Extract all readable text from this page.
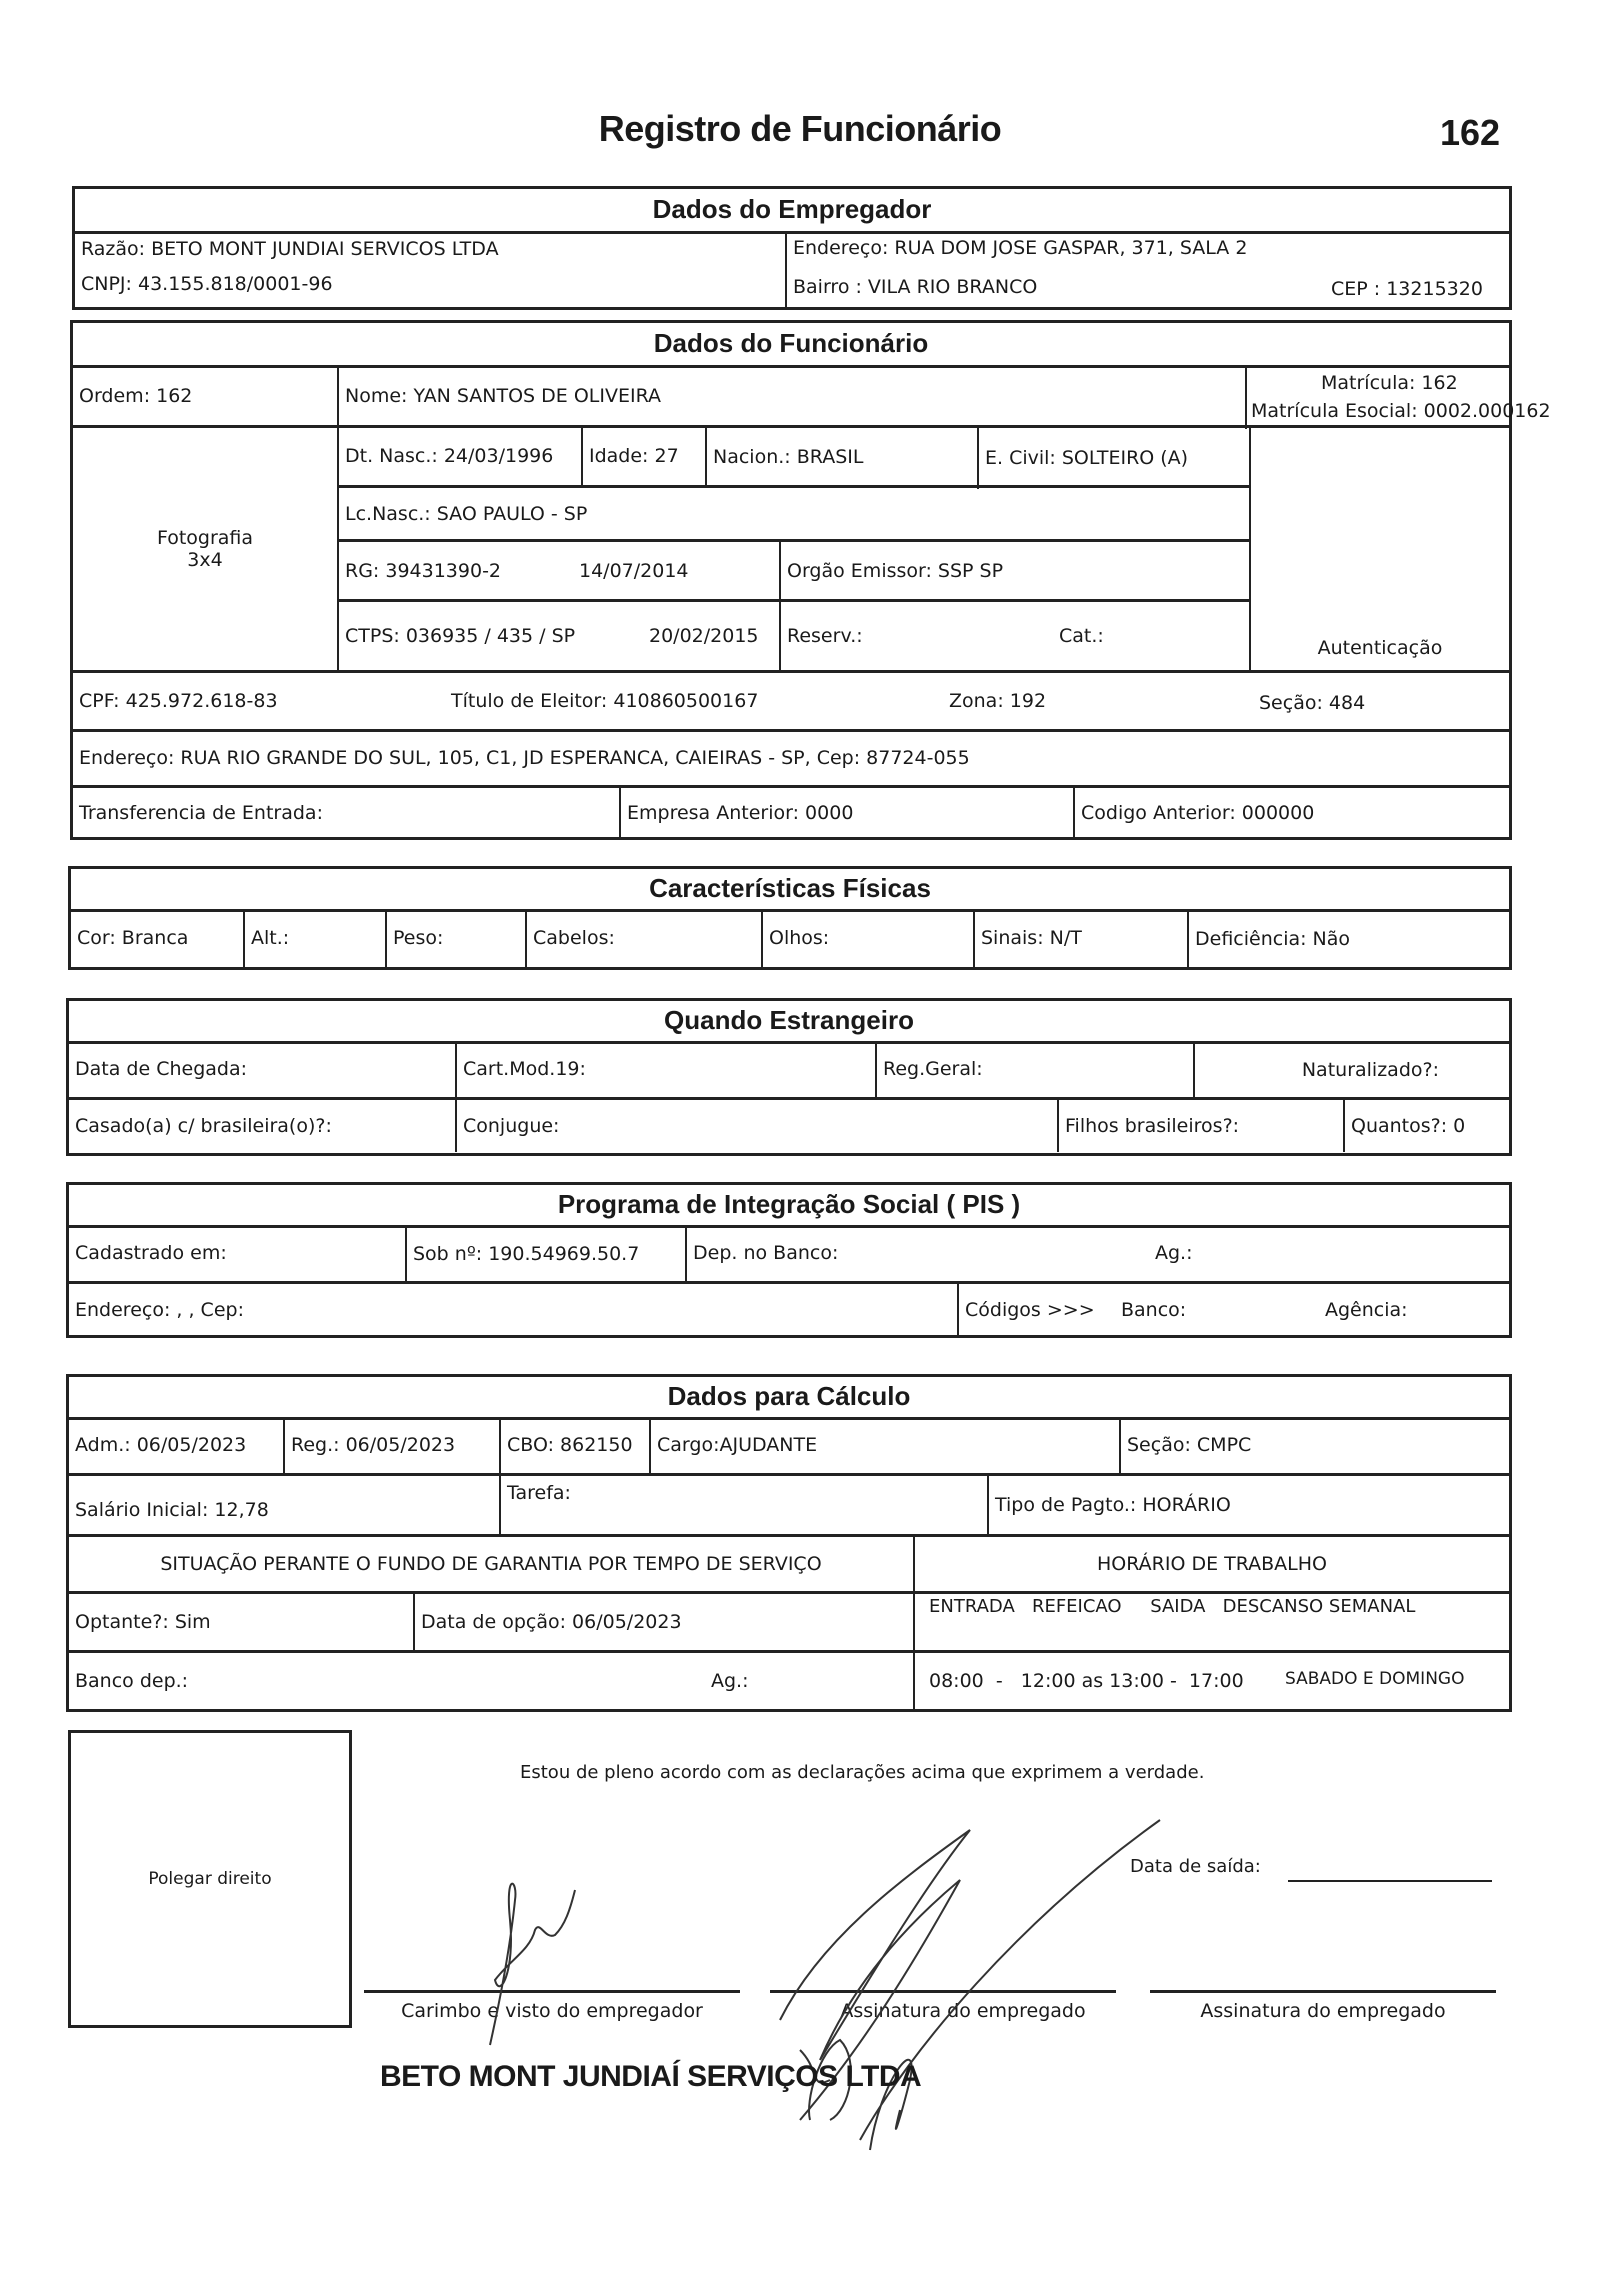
Registro de Funcionário	162
Dados do Empregador
Razão: BETO MONT JUNDIAI SERVICOS LTDA
CNPJ: 43.155.818/0001-96
Endereço: RUA DOM JOSE GASPAR, 371, SALA 2
Bairro : VILA RIO BRANCO	CEP : 13215320
Dados do Funcionário
Ordem: 162	Nome: YAN SANTOS DE OLIVEIRA
Matrícula: 162
Matrícula Esocial: 0002.000162
Fotografia
3x4
Dt. Nasc.: 24/03/1996	Idade: 27	Nacion.: BRASIL	E. Civil: SOLTEIRO (A)
Lc.Nasc.: SAO PAULO - SP
RG: 39431390-2	14/07/2014	Orgão Emissor: SSP SP
CTPS: 036935 / 435 / SP	20/02/2015	Reserv.:	Cat.:
Autenticação
CPF: 425.972.618-83	Título de Eleitor: 410860500167	Zona: 192	Seção: 484
Endereço: RUA RIO GRANDE DO SUL, 105, C1, JD ESPERANCA, CAIEIRAS - SP, Cep: 87724-055
Transferencia de Entrada:	Empresa Anterior: 0000	Codigo Anterior: 000000
Características Físicas
Cor: Branca	Alt.:	Peso:	Cabelos:	Olhos:	Sinais: N/T	Deficiência: Não
Quando Estrangeiro
Data de Chegada:	Cart.Mod.19:	Reg.Geral:	Naturalizado?:
Casado(a) c/ brasileira(o)?:	Conjugue:	Filhos brasileiros?:	Quantos?: 0
Programa de Integração Social ( PIS )
Cadastrado em:	Sob nº: 190.54969.50.7	Dep. no Banco:	Ag.:
Endereço: , , Cep:	Códigos >>>	Banco:	Agência:
Dados para Cálculo
Adm.: 06/05/2023	Reg.: 06/05/2023	CBO: 862150	Cargo:AJUDANTE	Seção: CMPC
Salário Inicial: 12,78
Tarefa:
Tipo de Pagto.: HORÁRIO
SITUAÇÃO PERANTE O FUNDO DE GARANTIA POR TEMPO DE SERVIÇO	HORÁRIO DE TRABALHO
Optante?: Sim	Data de opção: 06/05/2023
ENTRADA   REFEICAO     SAIDA   DESCANSO SEMANAL
Banco dep.:	Ag.:	08:00  -   12:00 as 13:00 -  17:00	SABADO E DOMINGO
Polegar direito
Estou de pleno acordo com as declarações acima que exprimem a verdade.
Data de saída:
Carimbo e visto do empregador	Assinatura do empregado	Assinatura do empregado
BETO MONT JUNDIAÍ SERVIÇOS LTDA
